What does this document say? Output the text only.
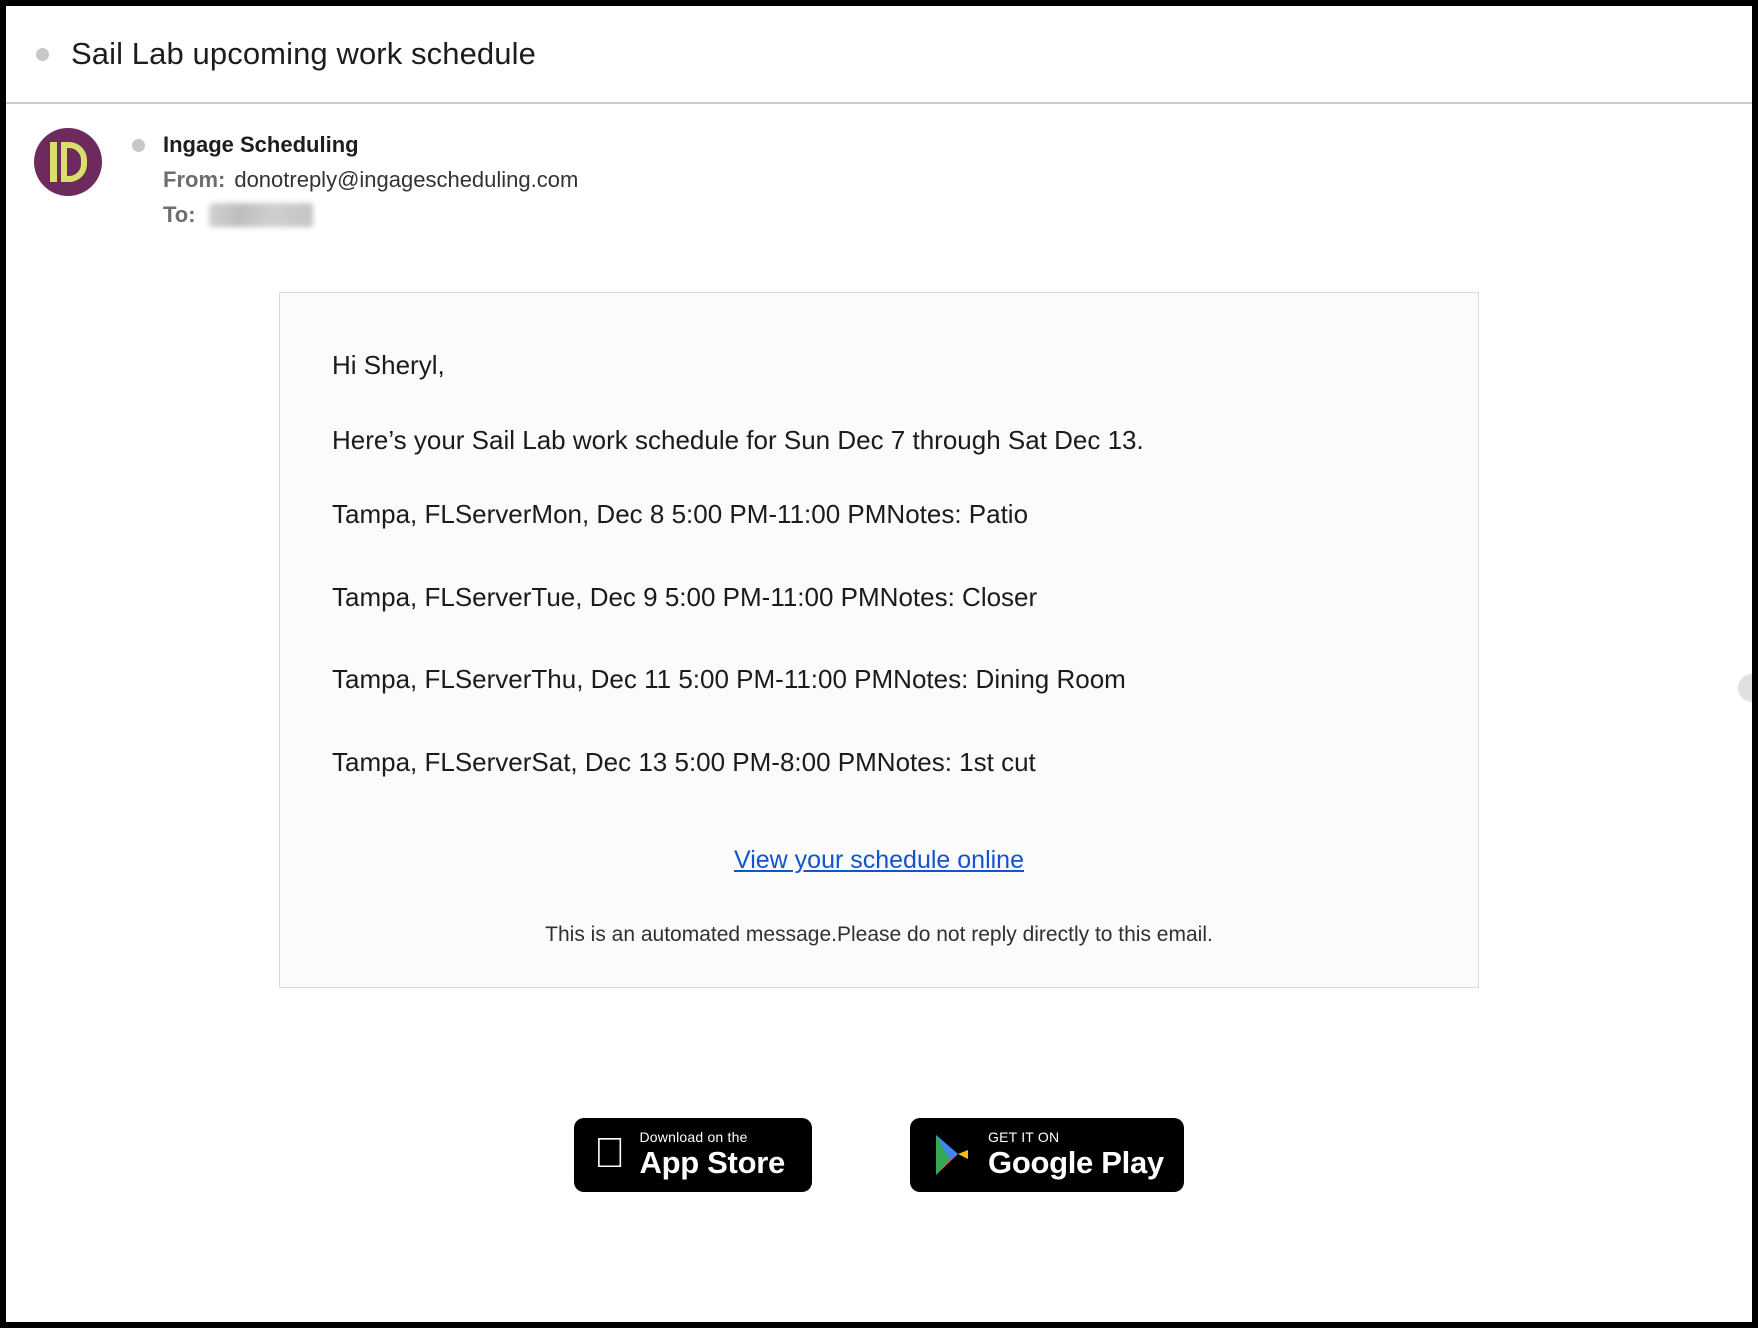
Sail Lab upcoming work schedule
Ingage Scheduling
From: donotreply@ingagescheduling.com
To:

Hi Sheryl,

Here’s your Sail Lab work schedule for Sun Dec 7 through Sat Dec 13.

Tampa, FLServerMon, Dec 8 5:00 PM-11:00 PMNotes: Patio

Tampa, FLServerTue, Dec 9 5:00 PM-11:00 PMNotes: Closer

Tampa, FLServerThu, Dec 11 5:00 PM-11:00 PMNotes: Dining Room

Tampa, FLServerSat, Dec 13 5:00 PM-8:00 PMNotes: 1st cut

View your schedule online
This is an automated message.Please do not reply directly to this email.
Download on the
App Store
GET IT ON
Google Play
